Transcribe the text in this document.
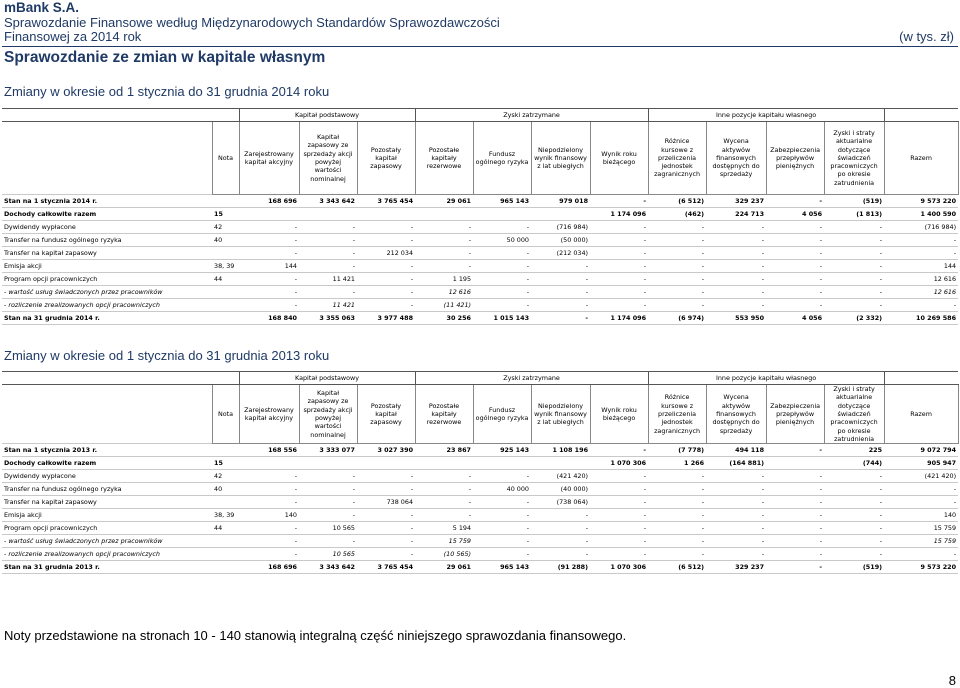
mBank S.A.
Sprawozdanie Finansowe według Międzynarodowych Standardów Sprawozdawczości
Finansowej za 2014 rok	(w tys. zł)
Sprawozdanie ze zmian w kapitale własnym
Zmiany w okresie od 1 stycznia do 31 grudnia 2014 roku
		Kapitał podstawowy			Zyski zatrzymane				Inne pozycje kapitału własnego				
	Nota	Zarejestrowany kapitał akcyjny	Kapitał zapasowy ze sprzedaży akcji powyżej wartości nominalnej	Pozostały kapitał zapasowy	Pozostałe kapitały rezerwowe	Fundusz ogólnego ryzyka	Niepodzielony wynik finansowy z lat ubiegłych	Wynik roku bieżącego	Różnice kursowe z przeliczenia jednostek zagranicznych	Wycena aktywów finansowych dostępnych do sprzedaży	Zabezpieczenia przepływów pieniężnych	Zyski i straty aktuarialne dotyczące świadczeń pracowniczych po okresie zatrudnienia	Razem
Stan na 1 stycznia 2014 r.		168 696	3 343 642	3 765 454	29 061	965 143	979 018	-	(6 512)	329 237	-	(519)	9 573 220
Dochody całkowite razem	15							1 174 096	(462)	224 713	4 056	(1 813)	1 400 590
Dywidendy wypłacone	42	-	-	-	-	-	(716 984)	-	-	-	-	-	(716 984)
Transfer na fundusz ogólnego ryzyka	40	-	-	-	-	50 000	(50 000)	-	-	-	-	-	-
Transfer na kapitał zapasowy		-	-	212 034	-	-	(212 034)	-	-	-	-	-	-
Emisja akcji	38, 39	144	-	-	-	-	-	-	-	-	-	-	144
Program opcji pracowniczych	44	-	11 421	-	1 195	-	-	-	-	-	-	-	12 616
- wartość usług świadczonych przez pracowników		-	-	-	12 616	-	-	-	-	-	-	-	12 616
- rozliczenie zrealizowanych opcji pracowniczych		-	11 421	-	(11 421)	-	-	-	-	-	-	-	-
Stan na 31 grudnia 2014 r.		168 840	3 355 063	3 977 488	30 256	1 015 143	-	1 174 096	(6 974)	553 950	4 056	(2 332)	10 269 586
Zmiany w okresie od 1 stycznia do 31 grudnia 2013 roku
		Kapitał podstawowy			Zyski zatrzymane				Inne pozycje kapitału własnego				
	Nota	Zarejestrowany kapitał akcyjny	Kapitał zapasowy ze sprzedaży akcji powyżej wartości nominalnej	Pozostały kapitał zapasowy	Pozostałe kapitały rezerwowe	Fundusz ogólnego ryzyka	Niepodzielony wynik finansowy z lat ubiegłych	Wynik roku bieżącego	Różnice kursowe z przeliczenia jednostek zagranicznych	Wycena aktywów finansowych dostępnych do sprzedaży	Zabezpieczenia przepływów pieniężnych	Zyski i straty aktuarialne dotyczące świadczeń pracowniczych po okresie zatrudnienia	Razem
Stan na 1 stycznia 2013 r.		168 556	3 333 077	3 027 390	23 867	925 143	1 108 196	-	(7 778)	494 118	-	225	9 072 794
Dochody całkowite razem	15							1 070 306	1 266	(164 881)		(744)	905 947
Dywidendy wypłacone	42	-	-	-	-	-	(421 420)	-	-	-	-	-	(421 420)
Transfer na fundusz ogólnego ryzyka	40	-	-	-	-	40 000	(40 000)	-	-	-	-	-	-
Transfer na kapitał zapasowy		-	-	738 064	-	-	(738 064)	-	-	-	-	-	-
Emisja akcji	38, 39	140	-	-	-	-	-	-	-	-	-	-	140
Program opcji pracowniczych	44	-	10 565	-	5 194	-	-	-	-	-	-	-	15 759
- wartość usług świadczonych przez pracowników		-	-	-	15 759	-	-	-	-	-	-	-	15 759
- rozliczenie zrealizowanych opcji pracowniczych		-	10 565	-	(10 565)	-	-	-	-	-	-	-	-
Stan na 31 grudnia 2013 r.		168 696	3 343 642	3 765 454	29 061	965 143	(91 288)	1 070 306	(6 512)	329 237	-	(519)	9 573 220
Noty przedstawione na stronach 10 - 140 stanowią integralną część niniejszego sprawozdania finansowego.
8
